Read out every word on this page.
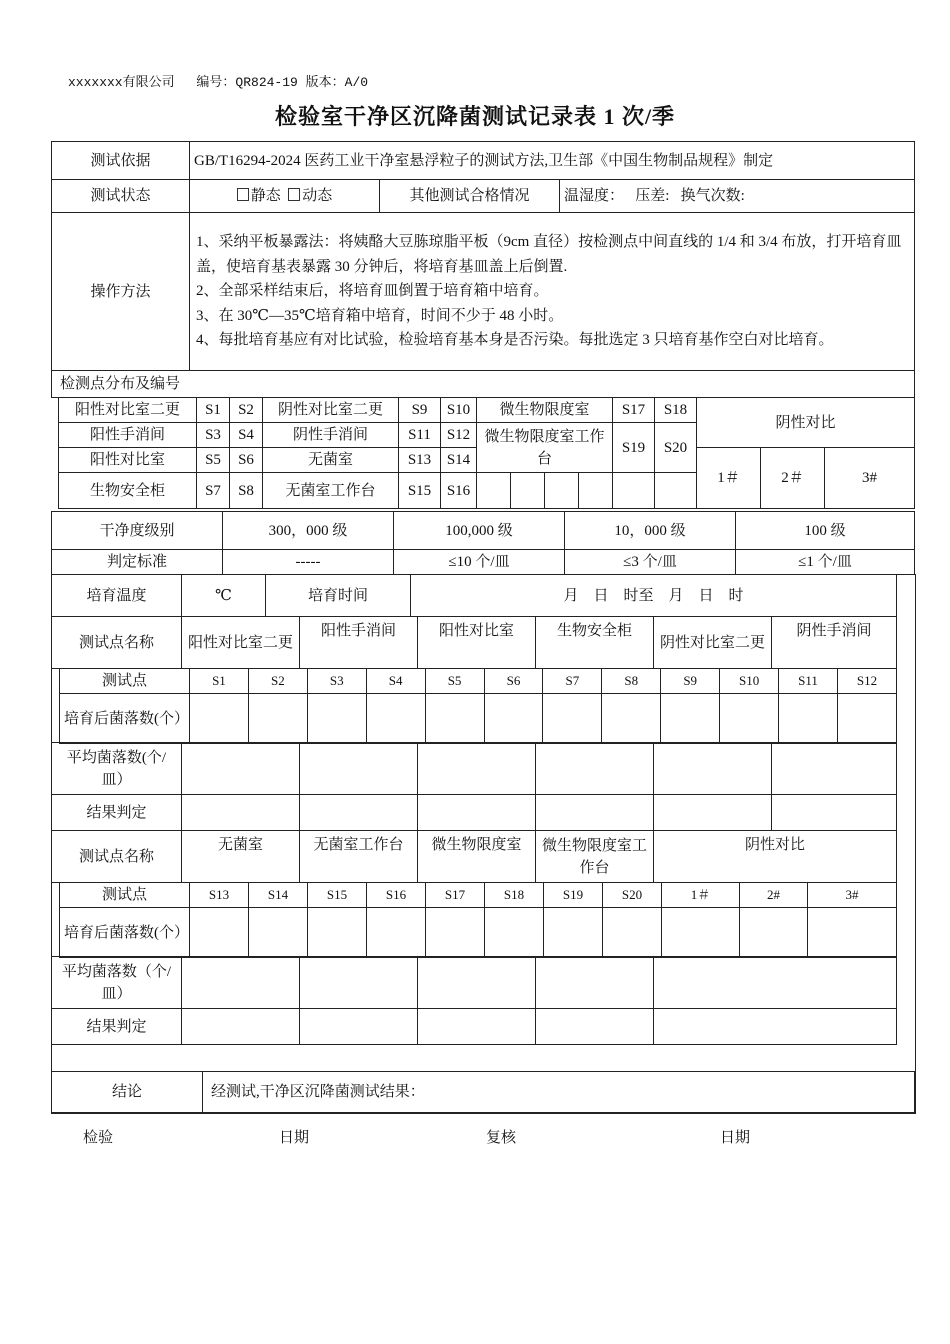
xxxxxxx有限公司 编号：QR824-19 版本：A/0
检验室干净区沉降菌测试记录表 1 次/季
测试依据	GB/T16294-2024 医药工业干净室悬浮粒子的测试方法,卫生部《中国生物制品规程》制定		
测试状态	静态 动态	其他测试合格情况	温湿度：   压差:   换气次数:
操作方法	1、采纳平板暴露法：将姨酪大豆胨琼脂平板（9cm 直径）按检测点中间直线的 1/4 和 3/4 布放，打开培育皿盖，使培育基表暴露 30 分钟后，将培育基皿盖上后倒置.

2、全部采样结束后，将培育皿倒置于培育箱中培育。

3、在 30℃—35℃培育箱中培育，时间不少于 48 小时。

4、每批培育基应有对比试验，检验培育基本身是否污染。每批选定 3 只培育基作空白对比培育。		

检测点分布及编号			
阳性对比室二更	S1	S2	阴性对比室二更	S9	S10	微生物限度室				S17	S18	阴性对比		
阳性手消间	S3	S4	阴性手消间	S11	S12	微生物限度室工作台				S19	S20			
阳性对比室	S5	S6	无菌室	S13	S14							1＃	2＃	3#
生物安全柜	S7	S8	无菌室工作台	S15	S16									
干净度级别	300，000 级	100,000 级	10，000 级	100 级
判定标准	-----	≤10 个/皿	≤3 个/皿	≤1 个/皿
培育温度	℃	培育时间	月    日    时至    月    日    时
测试点名称	阳性对比室二更	阳性手消间	阳性对比室	生物安全柜	阴性对比室二更	阴性手消间
测试点	S1	S2	S3	S4	S5	S6	S7	S8	S9	S10	S11	S12
培育后菌落数(个）												
平均菌落数(个/皿）						
结果判定						
测试点名称	无菌室	无菌室工作台	微生物限度室	微生物限度室工作台	阴性对比
测试点	S13	S14	S15	S16	S17	S18	S19	S20	1＃	2#	3#
培育后菌落数(个）											
平均菌落数（个/皿）					
结果判定					
结论	经测试,干净区沉降菌测试结果：
检验	日期	复核	日期
